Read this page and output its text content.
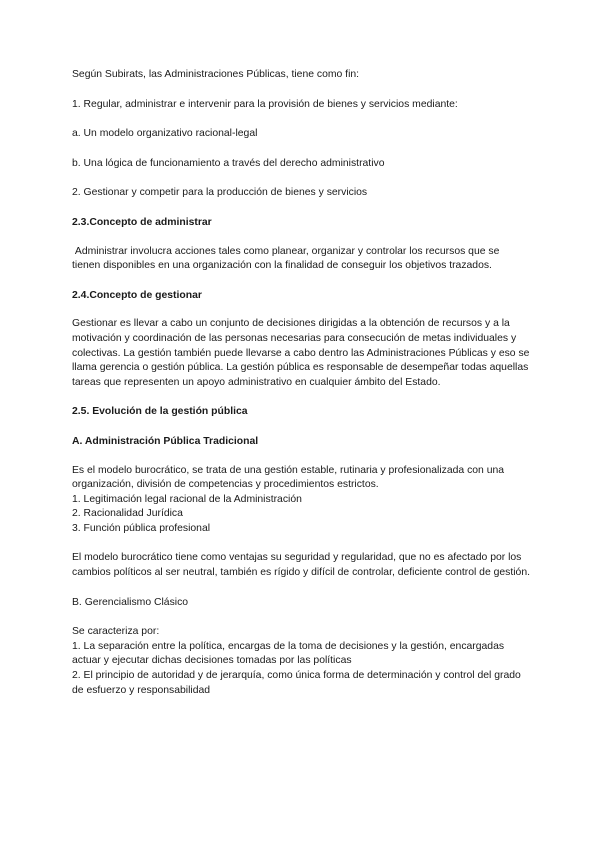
Según Subirats, las Administraciones Públicas, tiene como fin:

1. Regular, administrar e intervenir para la provisión de bienes y servicios mediante:

a. Un modelo organizativo racional-legal

b. Una lógica de funcionamiento a través del derecho administrativo

2. Gestionar y competir para la producción de bienes y servicios

2.3.Concepto de administrar

Administrar involucra acciones tales como planear, organizar y controlar los recursos que se tienen disponibles en una organización con la finalidad de conseguir los objetivos trazados.

2.4.Concepto de gestionar

Gestionar es llevar a cabo un conjunto de decisiones dirigidas a la obtención de recursos y a la motivación y coordinación de las personas necesarias para consecución de metas individuales y colectivas. La gestión también puede llevarse a cabo dentro las Administraciones Públicas y eso se llama gerencia o gestión pública. La gestión pública es responsable de desempeñar todas aquellas tareas que representen un apoyo administrativo en cualquier ámbito del Estado.

2.5. Evolución de la gestión pública

A. Administración Pública Tradicional

Es el modelo burocrático, se trata de una gestión estable, rutinaria y profesionalizada con una organización, división de competencias y procedimientos estrictos.

1. Legitimación legal racional de la Administración

2. Racionalidad Jurídica

3. Función pública profesional

El modelo burocrático tiene como ventajas su seguridad y regularidad, que no es afectado por los cambios políticos al ser neutral, también es rígido y difícil de controlar, deficiente control de gestión.

B. Gerencialismo Clásico

Se caracteriza por:

1. La separación entre la política, encargas de la toma de decisiones y la gestión, encargadas actuar y ejecutar dichas decisiones tomadas por las políticas

2. El principio de autoridad y de jerarquía, como única forma de determinación y control del grado de esfuerzo y responsabilidad
